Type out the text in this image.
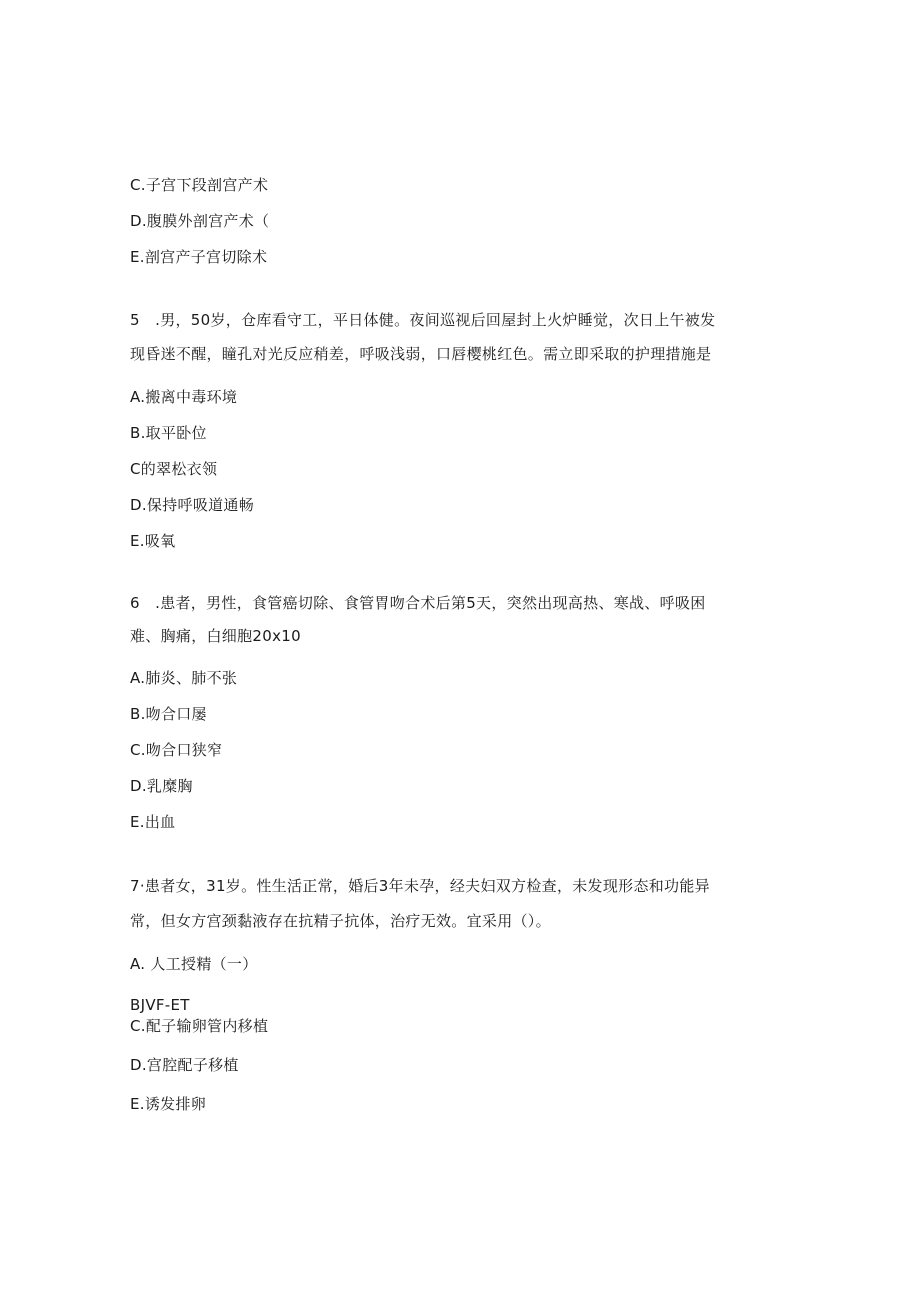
C.子宫下段剖宫产术
D.腹膜外剖宫产术（
E.剖宫产子宫切除术
5　.男，50岁，仓库看守工，平日体健。夜间巡视后回屋封上火炉睡觉，次日上午被发
现昏迷不醒，瞳孔对光反应稍差，呼吸浅弱，口唇樱桃红色。需立即采取的护理措施是
A.搬离中毒环境
B.取平卧位
C的翠松衣领
D.保持呼吸道通畅
E.吸氧
6　.患者，男性，食管癌切除、食管胃吻合术后第5天，突然出现高热、寒战、呼吸困
难、胸痛，白细胞20x10
A.肺炎、肺不张
B.吻合口屡
C.吻合口狭窄
D.乳糜胸
E.出血
7·患者女，31岁。性生活正常，婚后3年未孕，经夫妇双方检查，未发现形态和功能异
常，但女方宫颈黏液存在抗精子抗体，治疗无效。宜采用（）。
A. 人工授精（一）
BJVF-ET
C.配子输卵管内移植
D.宫腔配子移植
E.诱发排卵
